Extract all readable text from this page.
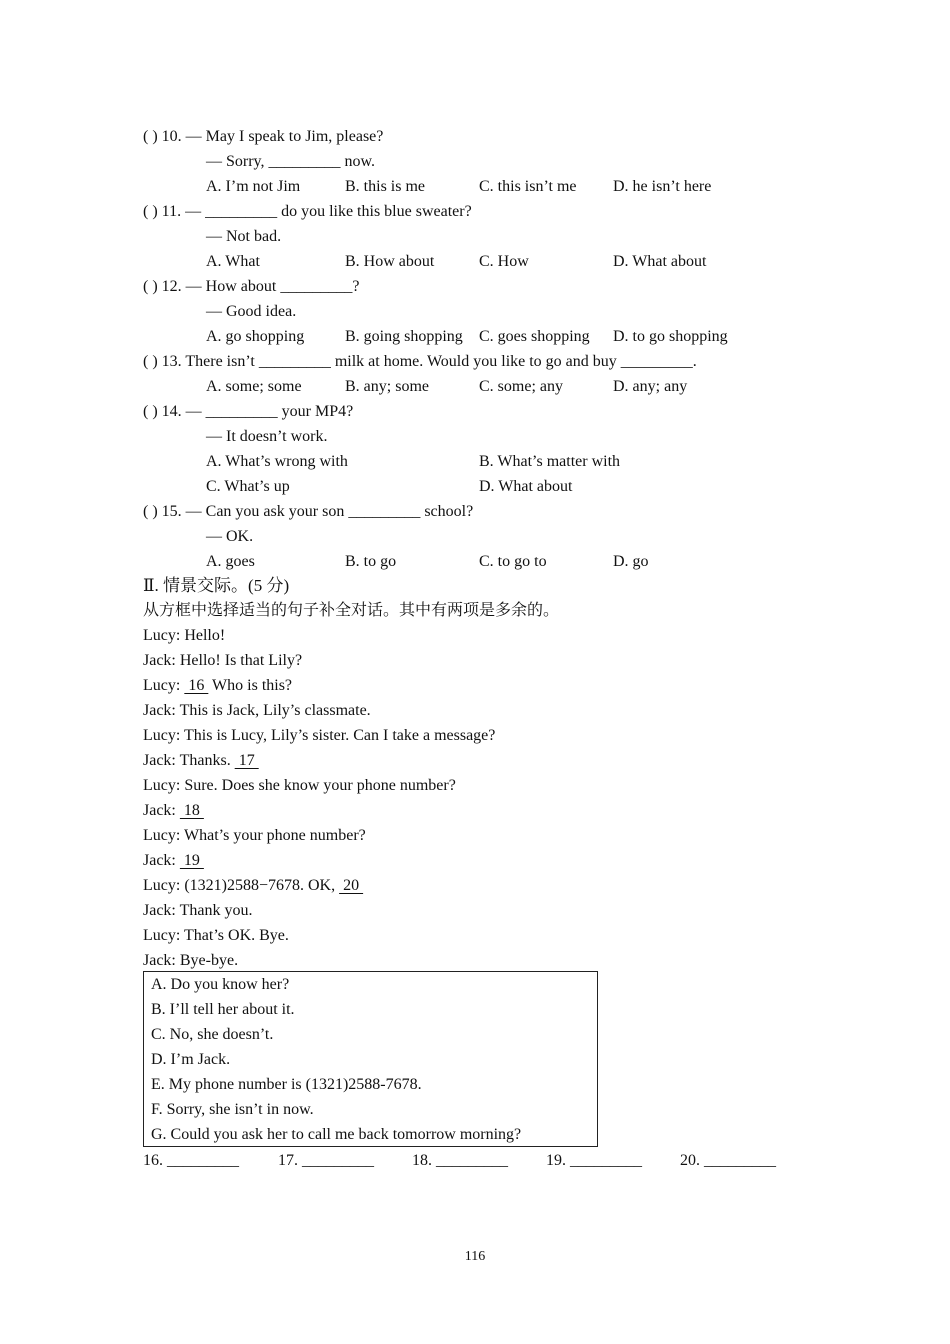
( ) 10. — May I speak to Jim, please?
— Sorry, _________ now.
A. I’m not Jim	B. this is me	C. this isn’t me D. he isn’t here
( ) 11. — _________ do you like this blue sweater?
— Not bad.
A. What	B. How about	C. How	D. What about
( ) 12. — How about _________?
— Good idea.
A. go shopping	B. going shopping C. goes shopping D. to go shopping
( ) 13. There isn’t _________ milk at home. Would you like to go and buy _________.
A. some; some	B. any; some	C. some; any	D. any; any
( ) 14. — _________ your MP4?
— It doesn’t work.
A. What’s wrong with	B. What’s matter with
C. What’s up	D. What about
( ) 15. — Can you ask your son _________ school?
— OK.
A. goes	B. to go	C. to go to	D. go
Ⅱ. 情景交际。(5 分)
从方框中选择适当的句子补全对话。其中有两项是多余的。
Lucy: Hello!
Jack: Hello! Is that Lily?
Lucy:  16  Who is this?
Jack: This is Jack, Lily’s classmate.
Lucy: This is Lucy, Lily’s sister. Can I take a message?
Jack: Thanks.  17
Lucy: Sure. Does she know your phone number?
Jack:  18
Lucy: What’s your phone number?
Jack:  19
Lucy: (1321)2588−7678. OK,  20
Jack: Thank you.
Lucy: That’s OK. Bye.
Jack: Bye-bye.
A. Do you know her?
B. I’ll tell her about it.
C. No, she doesn’t.
D. I’m Jack.
E. My phone number is (1321)2588-7678.
F. Sorry, she isn’t in now.
G. Could you ask her to call me back tomorrow morning?
16. _________ 17. _________ 18. _________ 19. _________ 20. _________
116
